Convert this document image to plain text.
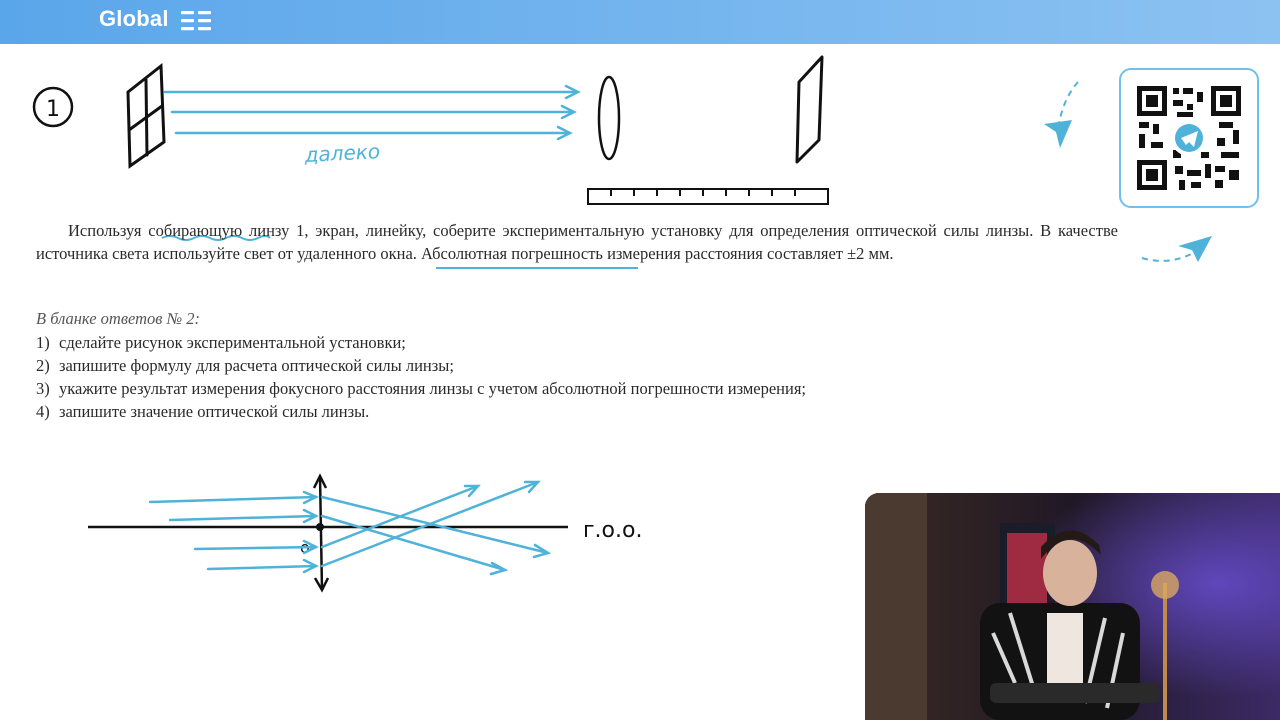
Global
1
далеко
о
г.о.о.
Используя собирающую линзу 1, экран, линейку, соберите экспериментальную установку для определения оптической силы линзы. В качестве источника света используйте свет от удаленного окна. Абсолютная погрешность измерения расстояния составляет ±2 мм.
В бланке ответов № 2:
1) сделайте рисунок экспериментальной установки;
2) запишите формулу для расчета оптической силы линзы;
3) укажите результат измерения фокусного расстояния линзы с учетом абсолютной погрешности измерения;
4) запишите значение оптической силы линзы.
